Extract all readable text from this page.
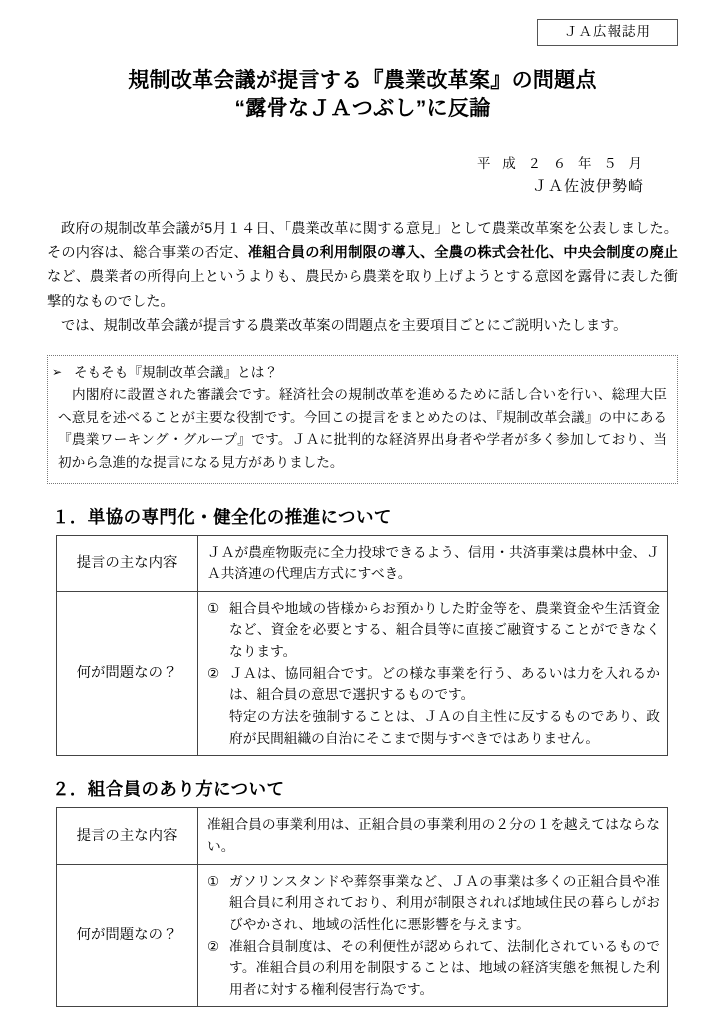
ＪＡ広報誌用
規制改革会議が提言する『農業改革案』の問題点
“露骨なＪＡつぶし”に反論
平 成 ２ ６ 年 ５ 月
ＪＡ佐波伊勢崎

政府の規制改革会議が5月１４日、「農業改革に関する意見」として農業改革案を公表しました。その内容は、総合事業の否定、准組合員の利用制限の導入、全農の株式会社化、中央会制度の廃止など、農業者の所得向上というよりも、農民から農業を取り上げようとする意図を露骨に表した衝撃的なものでした。

では、規制改革会議が提言する農業改革案の問題点を主要項目ごとにご説明いたします。

➢ そもそも『規制改革会議』とは？

内閣府に設置された審議会です。経済社会の規制改革を進めるために話し合いを行い、総理大臣へ意見を述べることが主要な役割です。今回この提言をまとめたのは、『規制改革会議』の中にある『農業ワーキング・グループ』です。ＪＡに批判的な経済界出身者や学者が多く参加しており、当初から急進的な提言になる見方がありました。

１．単協の専門化・健全化の推進について
提言の主な内容	ＪＡが農産物販売に全力投球できるよう、信用・共済事業は農林中金、ＪＡ共済連の代理店方式にすべき。

何が問題なの？	① 組合員や地域の皆様からお預かりした貯金等を、農業資金や生活資金など、資金を必要とする、組合員等に直接ご融資することができなくなります。

② ＪＡは、協同組合です。どの様な事業を行う、あるいは力を入れるかは、組合員の意思で選択するものです。

特定の方法を強制することは、ＪＡの自主性に反するものであり、政府が民間組織の自治にそこまで関与すべきではありません。

２．組合員のあり方について
提言の主な内容	准組合員の事業利用は、正組合員の事業利用の２分の１を越えてはならない。

何が問題なの？	① ガソリンスタンドや葬祭事業など、ＪＡの事業は多くの正組合員や准組合員に利用されており、利用が制限されれば地域住民の暮らしがおびやかされ、地域の活性化に悪影響を与えます。

② 准組合員制度は、その利便性が認められて、法制化されているものです。准組合員の利用を制限することは、地域の経済実態を無視した利用者に対する権利侵害行為です。
